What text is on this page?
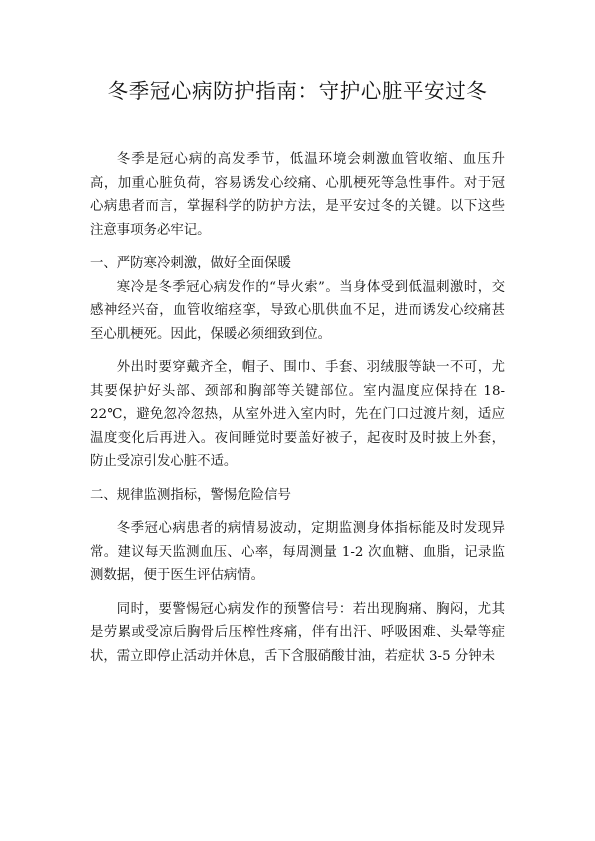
冬季冠心病防护指南：守护心脏平安过冬

冬季是冠心病的高发季节，低温环境会刺激血管收缩、血压升高，加重心脏负荷，容易诱发心绞痛、心肌梗死等急性事件。对于冠心病患者而言，掌握科学的防护方法，是平安过冬的关键。以下这些注意事项务必牢记。

一、严防寒冷刺激，做好全面保暖

寒冷是冬季冠心病发作的“导火索”。当身体受到低温刺激时，交感神经兴奋，血管收缩痉挛，导致心肌供血不足，进而诱发心绞痛甚至心肌梗死。因此，保暖必须细致到位。

外出时要穿戴齐全，帽子、围巾、手套、羽绒服等缺一不可，尤其要保护好头部、颈部和胸部等关键部位。室内温度应保持在 18-22℃，避免忽冷忽热，从室外进入室内时，先在门口过渡片刻，适应温度变化后再进入。夜间睡觉时要盖好被子，起夜时及时披上外套，防止受凉引发心脏不适。

二、规律监测指标，警惕危险信号

冬季冠心病患者的病情易波动，定期监测身体指标能及时发现异常。建议每天监测血压、心率，每周测量 1-2 次血糖、血脂，记录监测数据，便于医生评估病情。

同时，要警惕冠心病发作的预警信号：若出现胸痛、胸闷，尤其是劳累或受凉后胸骨后压榨性疼痛，伴有出汗、呼吸困难、头晕等症状，需立即停止活动并休息，舌下含服硝酸甘油，若症状 3-5 分钟未
